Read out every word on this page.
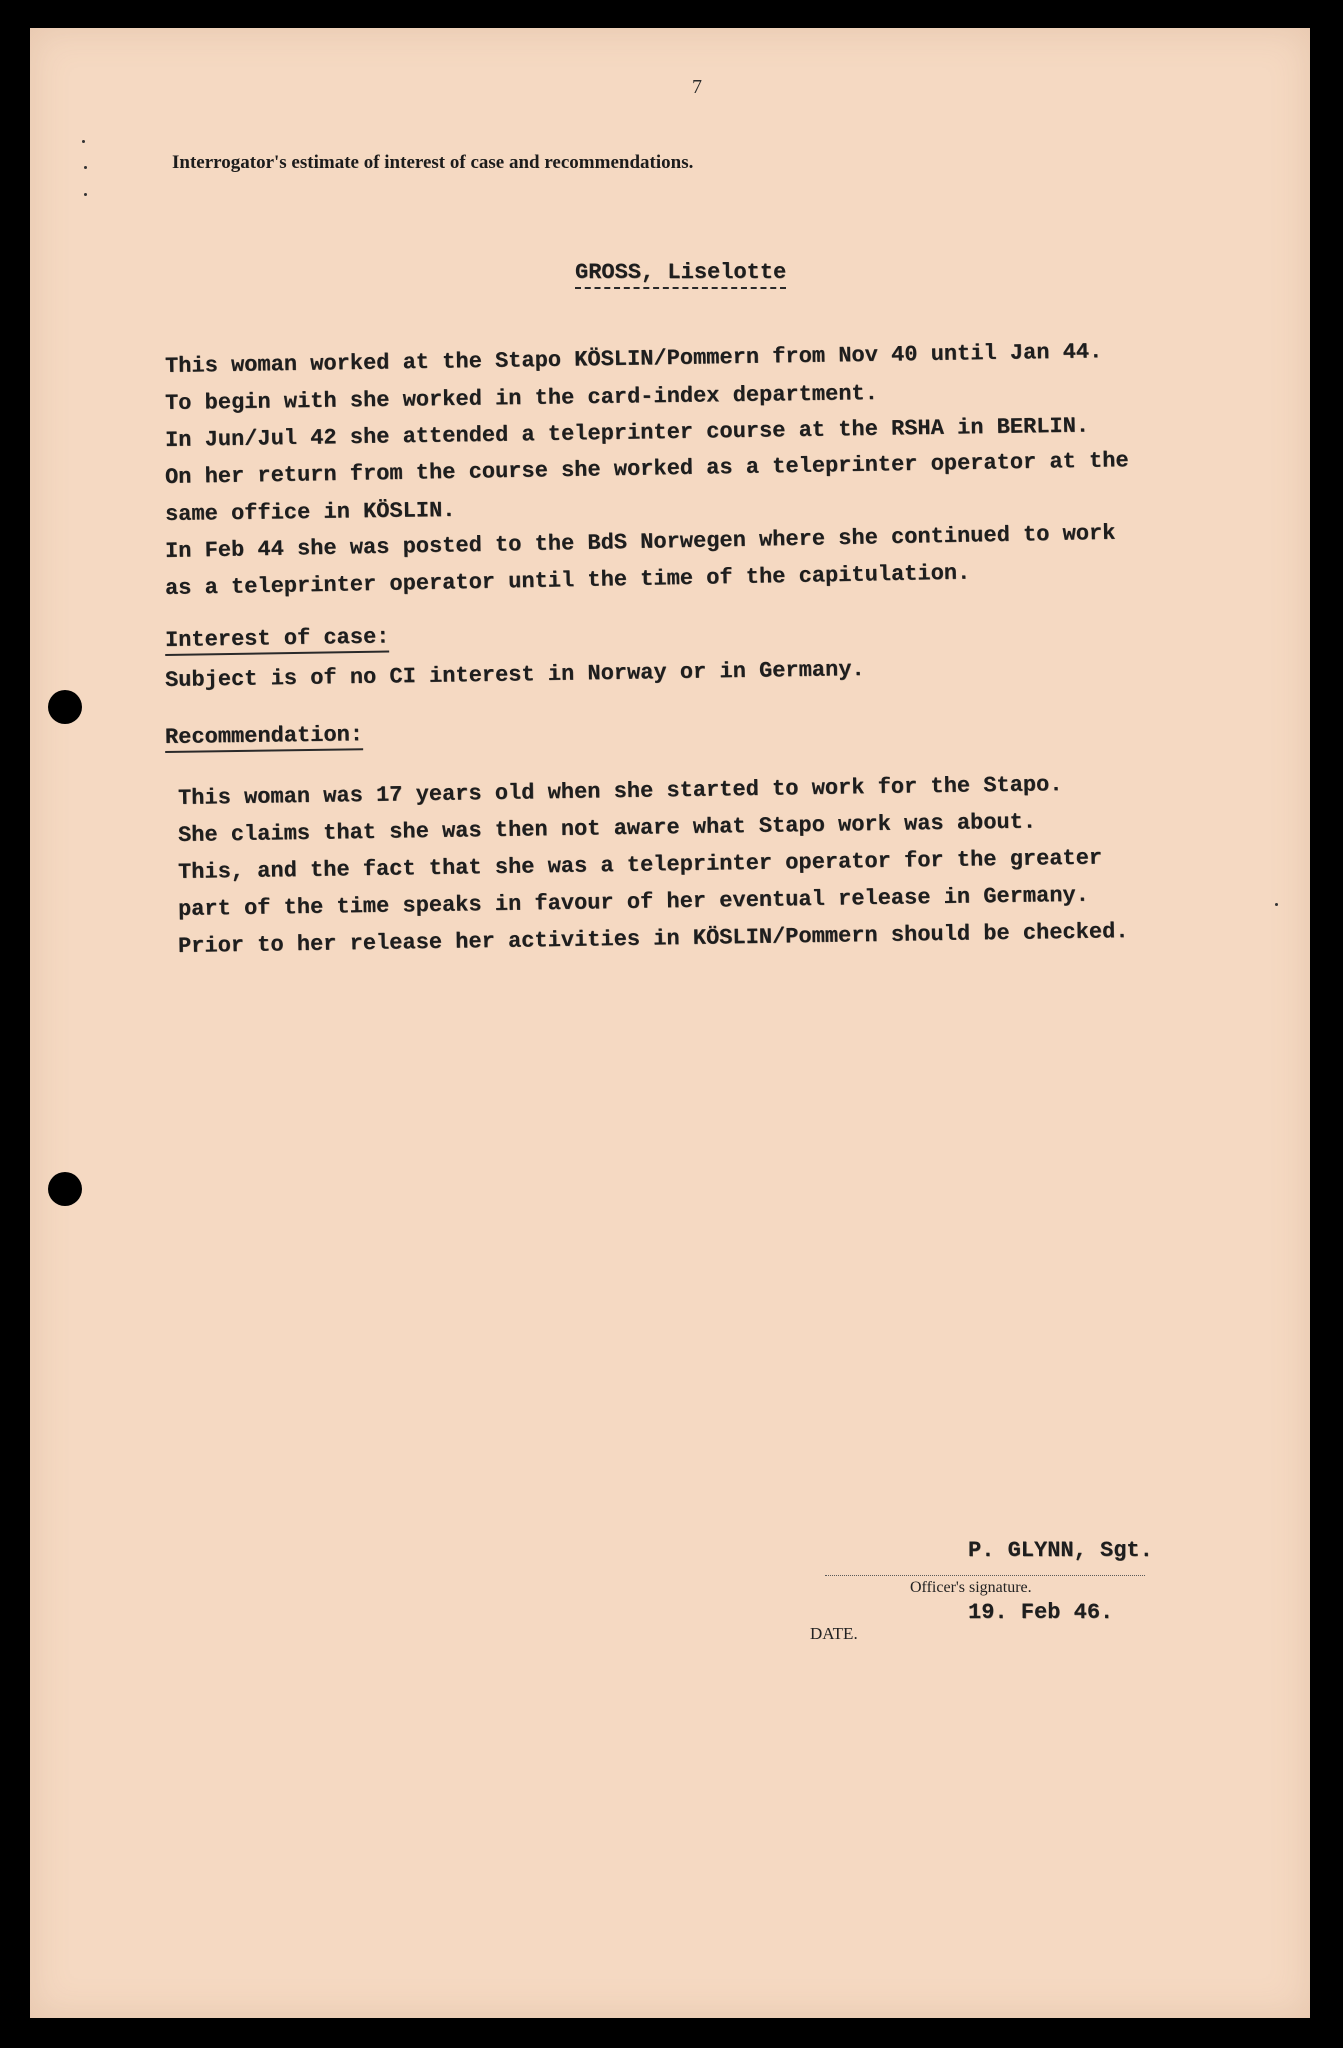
7
Interrogator's estimate of interest of case and recommendations.
GROSS, Liselotte
This woman worked at the Stapo KÖSLIN/Pommern from Nov 40 until Jan 44.
To begin with she worked in the card-index department.
In Jun/Jul 42 she attended a teleprinter course at the RSHA in BERLIN.
On her return from the course she worked as a teleprinter operator at the
same office in KÖSLIN.
In Feb 44 she was posted to the BdS Norwegen where she continued to work
as a teleprinter operator until the time of the capitulation.
Interest of case:
Subject is of no CI interest in Norway or in Germany.
Recommendation:
This woman was 17 years old when she started to work for the Stapo.
She claims that she was then not aware what Stapo work was about.
This, and the fact that she was a teleprinter operator for the greater
part of the time speaks in favour of her eventual release in Germany.
Prior to her release her activities in KÖSLIN/Pommern should be checked.
P. GLYNN, Sgt.
Officer's signature.
19. Feb 46.
DATE.
